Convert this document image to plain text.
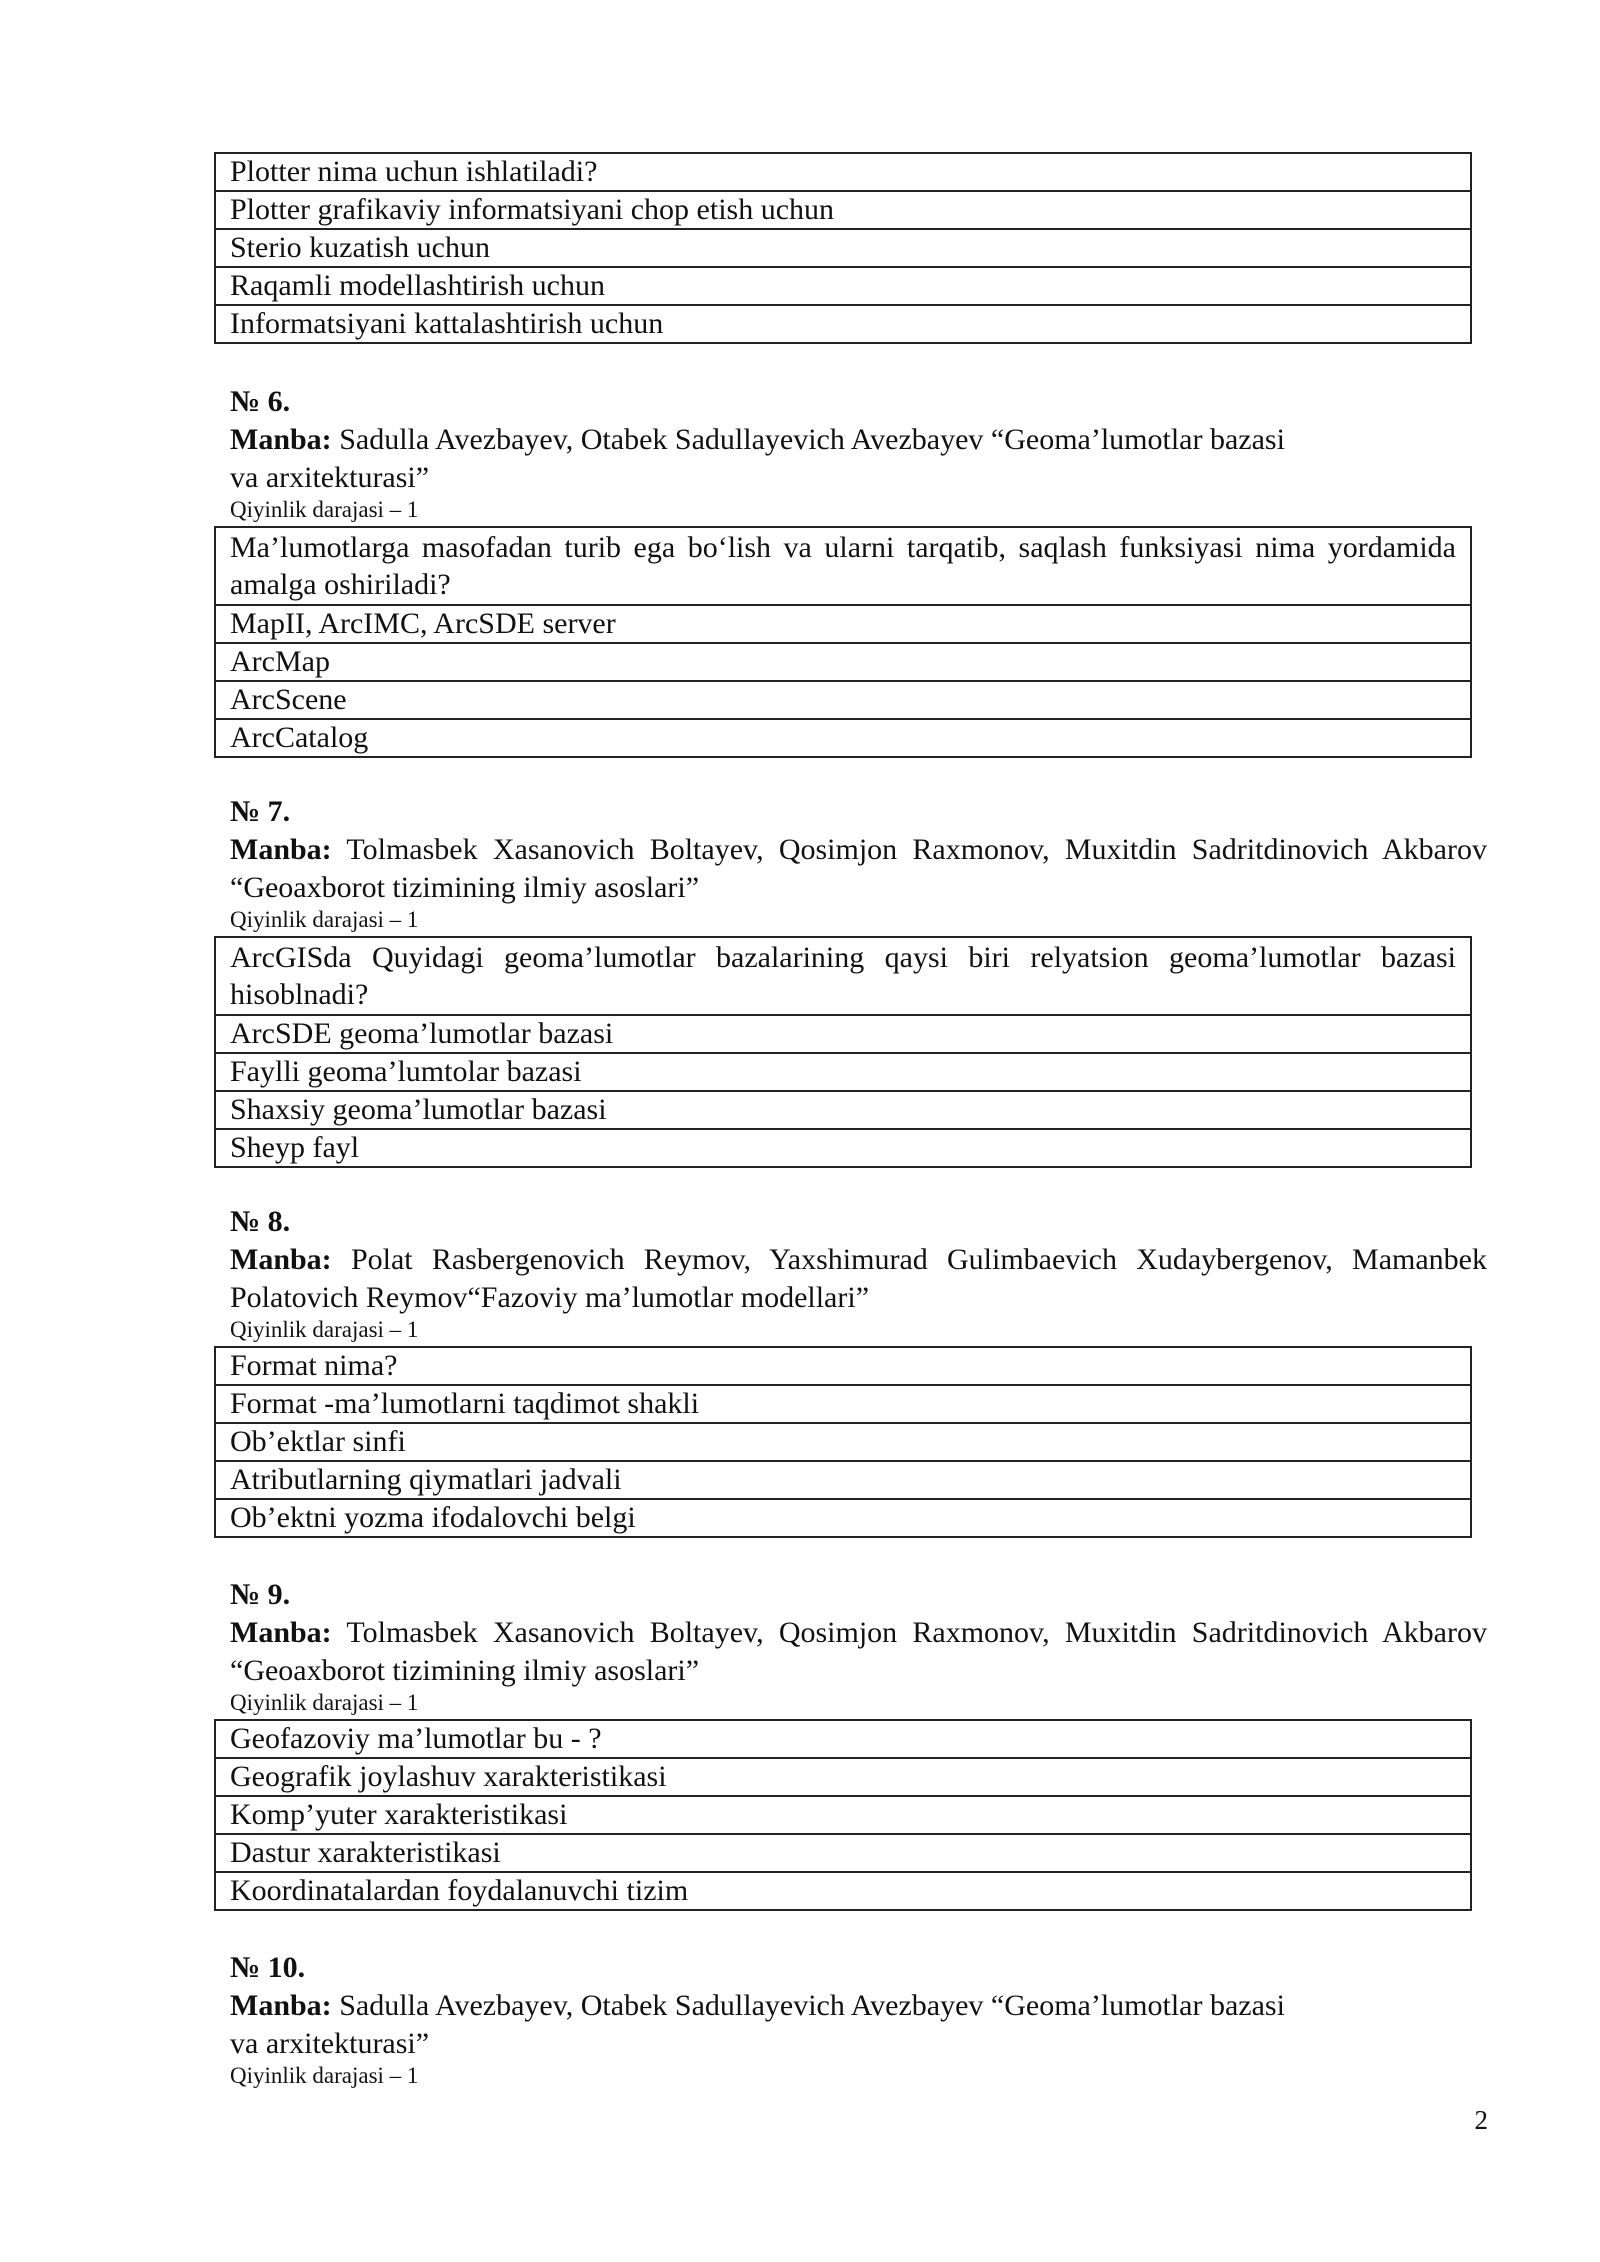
Plotter nima uchun ishlatiladi?
Plotter grafikaviy informatsiyani chop etish uchun
Sterio kuzatish uchun
Raqamli modellashtirish uchun
Informatsiyani kattalashtirish uchun
№ 6.
Manba: Sadulla Avezbayev, Otabek Sadullayevich Avezbayev “Geoma’lumotlar bazasi
va arxitekturasi”
Qiyinlik darajasi – 1
Ma’lumotlarga masofadan turib ega bo‘lish va ularni tarqatib, saqlash funksiyasi nima yordamida amalga oshiriladi?
MapII, ArcIMC, ArcSDE server
ArcMap
ArcScene
ArcCatalog
№ 7.
Manba: Tolmasbek Xasanovich Boltayev, Qosimjon Raxmonov, Muxitdin Sadritdinovich Akbarov “Geoaxborot tizimining ilmiy asoslari”
Qiyinlik darajasi – 1
ArcGISda Quyidagi geoma’lumotlar bazalarining qaysi biri relyatsion geoma’lumotlar bazasi hisoblnadi?
ArcSDE geoma’lumotlar bazasi
Faylli geoma’lumtolar bazasi
Shaxsiy geoma’lumotlar bazasi
Sheyp fayl
№ 8.
Manba: Polat Rasbergenovich Reymov, Yaxshimurad Gulimbaevich Xudaybergenov, Mamanbek Polatovich Reymov“Fazoviy ma’lumotlar modellari”
Qiyinlik darajasi – 1
Format nima?
Format -ma’lumotlarni taqdimot shakli
Ob’ektlar sinfi
Atributlarning qiymatlari jadvali
Ob’ektni yozma ifodalovchi belgi
№ 9.
Manba: Tolmasbek Xasanovich Boltayev, Qosimjon Raxmonov, Muxitdin Sadritdinovich Akbarov “Geoaxborot tizimining ilmiy asoslari”
Qiyinlik darajasi – 1
Geofazoviy ma’lumotlar bu - ?
Geografik joylashuv xarakteristikasi
Komp’yuter xarakteristikasi
Dastur xarakteristikasi
Koordinatalardan foydalanuvchi tizim
№ 10.
Manba: Sadulla Avezbayev, Otabek Sadullayevich Avezbayev “Geoma’lumotlar bazasi
va arxitekturasi”
Qiyinlik darajasi – 1
2
